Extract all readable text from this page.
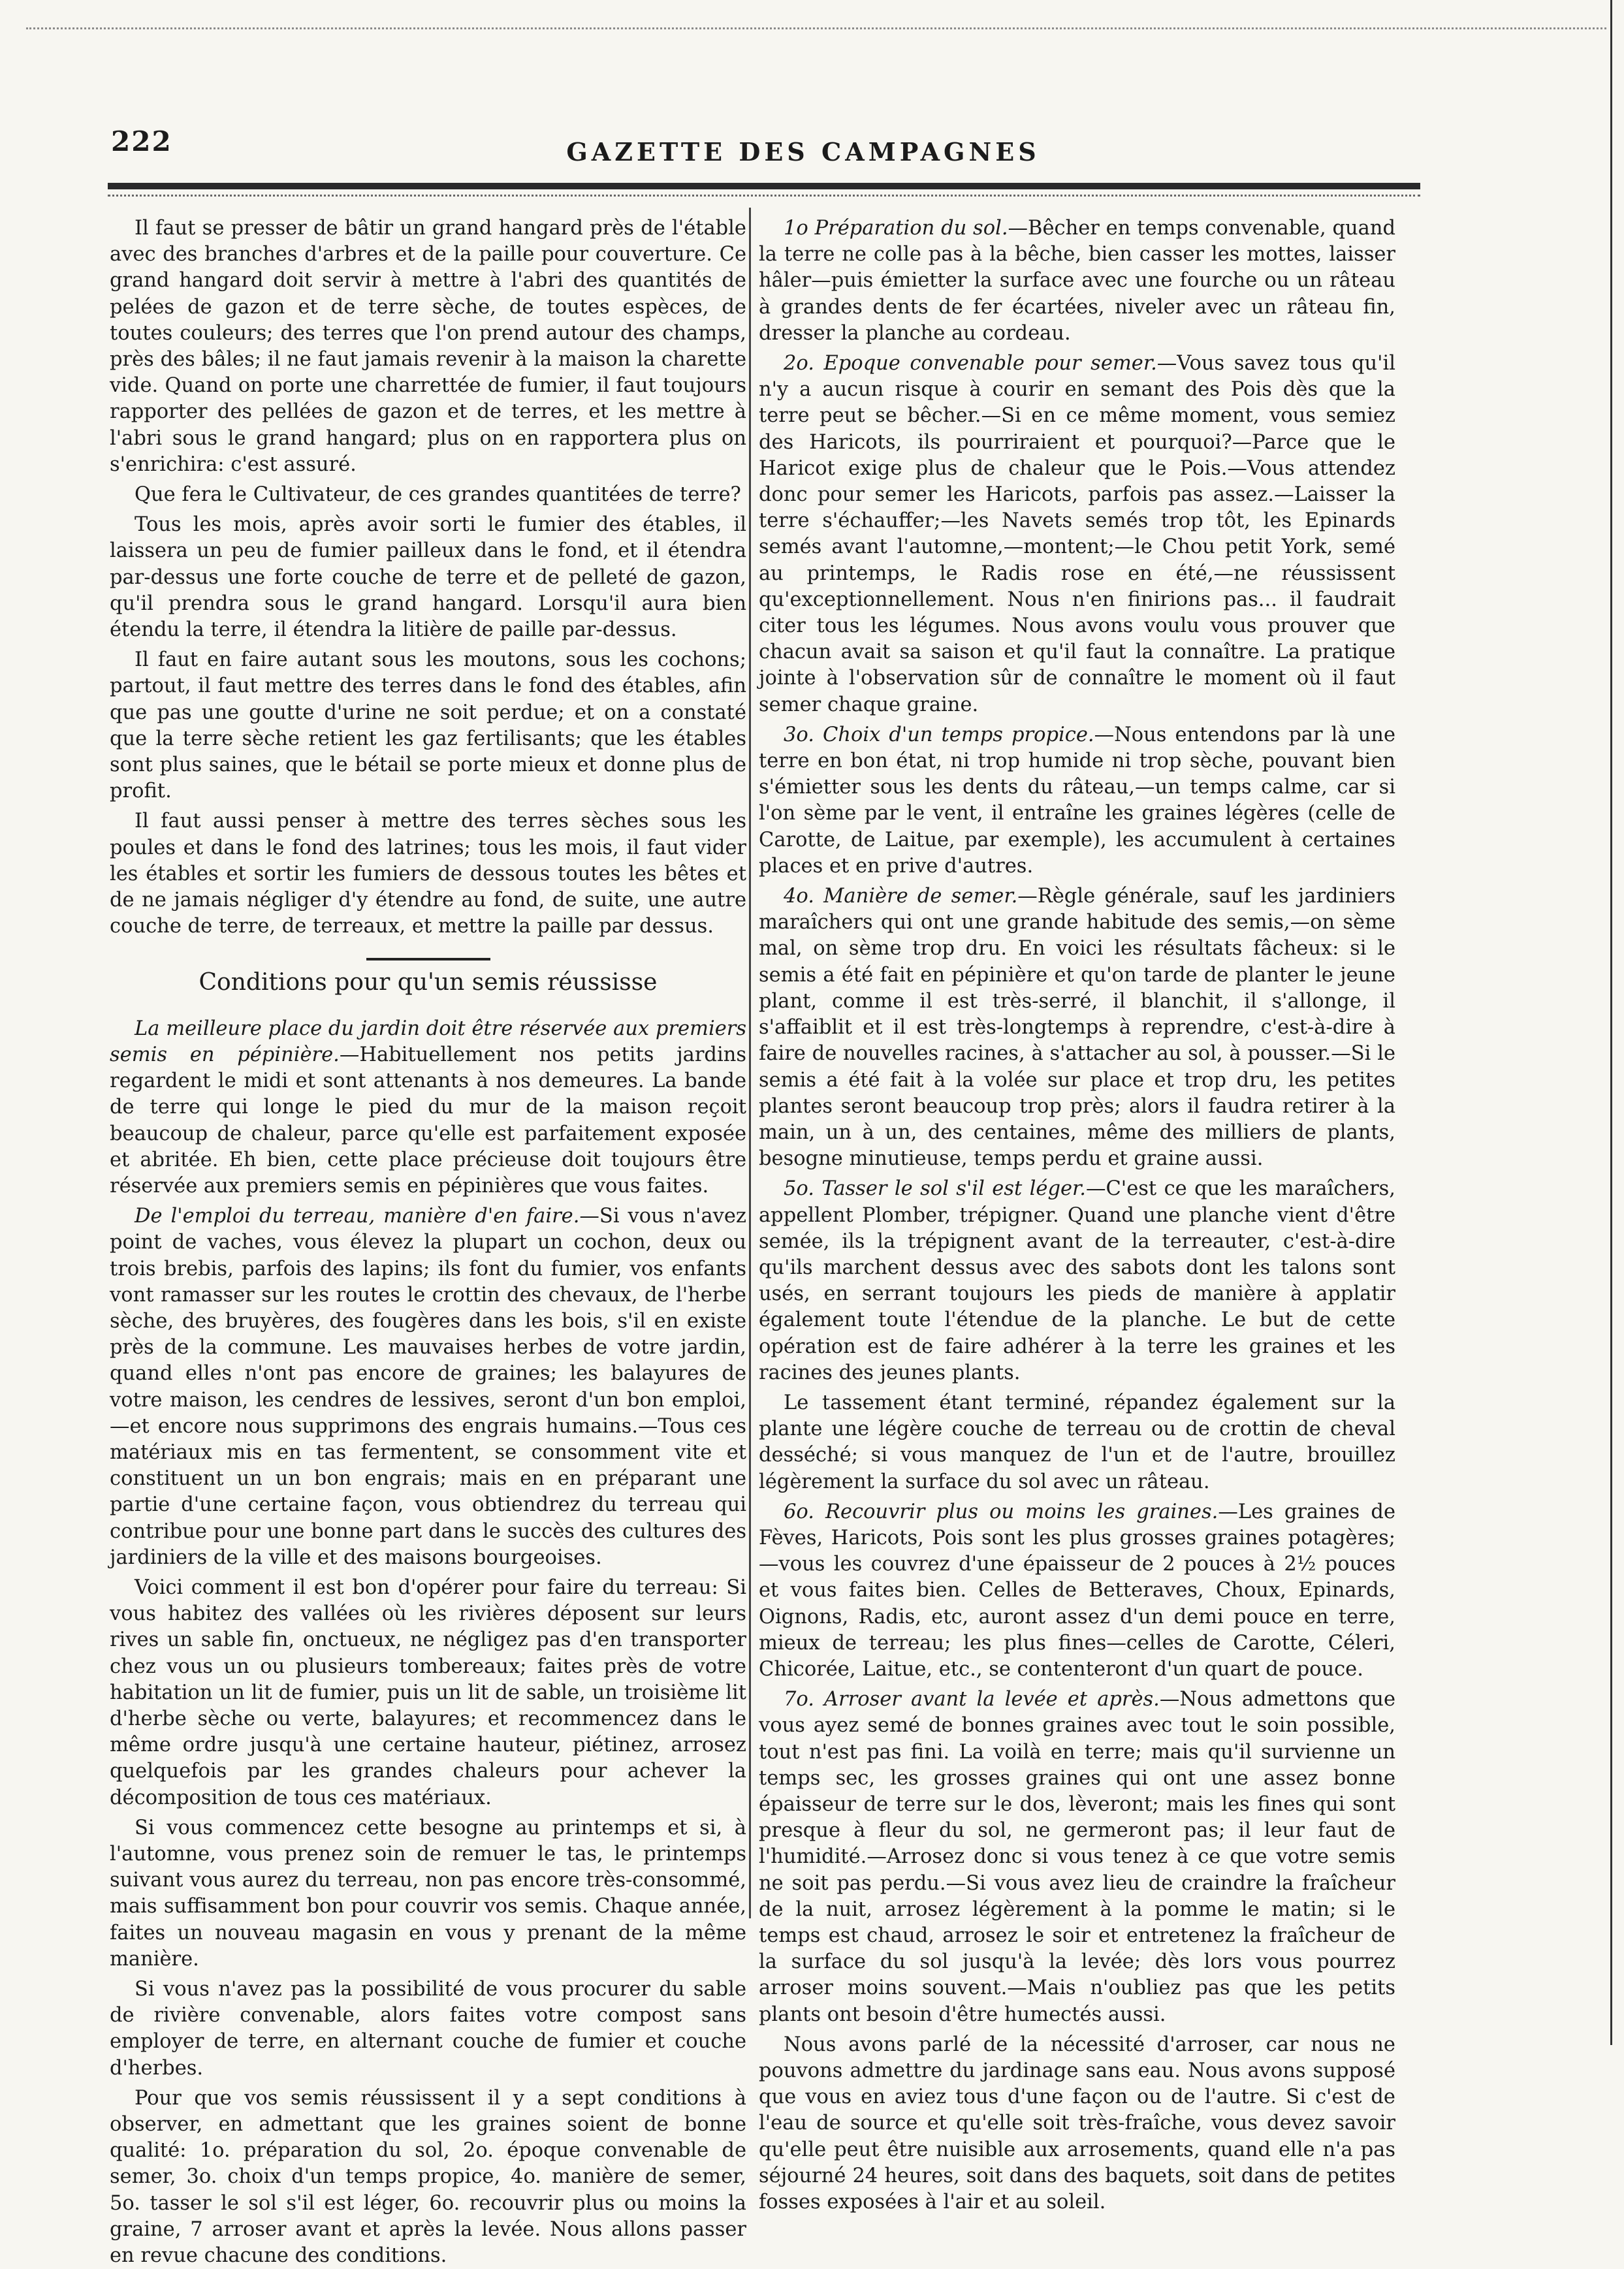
222	GAZETTE DES CAMPAGNES

Il faut se presser de bâtir un grand hangard près de l'étable avec des branches d'arbres et de la paille pour couverture. Ce grand hangard doit servir à mettre à l'abri des quantités de pelées de gazon et de terre sèche, de toutes espèces, de toutes couleurs; des terres que l'on prend autour des champs, près des bâles; il ne faut jamais revenir à la maison la charette vide. Quand on porte une charrettée de fumier, il faut toujours rapporter des pellées de gazon et de terres, et les mettre à l'abri sous le grand hangard; plus on en rapportera plus on s'enrichira: c'est assuré.

Que fera le Cultivateur, de ces grandes quantitées de terre?

Tous les mois, après avoir sorti le fumier des étables, il laissera un peu de fumier pailleux dans le fond, et il étendra par-dessus une forte couche de terre et de pelleté de gazon, qu'il prendra sous le grand hangard. Lorsqu'il aura bien étendu la terre, il étendra la litière de paille par-dessus.

Il faut en faire autant sous les moutons, sous les cochons; partout, il faut mettre des terres dans le fond des étables, afin que pas une goutte d'urine ne soit perdue; et on a constaté que la terre sèche retient les gaz fertilisants; que les étables sont plus saines, que le bétail se porte mieux et donne plus de profit.

Il faut aussi penser à mettre des terres sèches sous les poules et dans le fond des latrines; tous les mois, il faut vider les étables et sortir les fumiers de dessous toutes les bêtes et de ne jamais négliger d'y étendre au fond, de suite, une autre couche de terre, de terreaux, et mettre la paille par dessus.

Conditions pour qu'un semis réussisse

La meilleure place du jardin doit être réservée aux premiers semis en pépinière.—Habituellement nos petits jardins regardent le midi et sont attenants à nos demeures. La bande de terre qui longe le pied du mur de la maison reçoit beaucoup de chaleur, parce qu'elle est parfaitement exposée et abritée. Eh bien, cette place précieuse doit toujours être réservée aux premiers semis en pépinières que vous faites.

De l'emploi du terreau, manière d'en faire.—Si vous n'avez point de vaches, vous élevez la plupart un cochon, deux ou trois brebis, parfois des lapins; ils font du fumier, vos enfants vont ramasser sur les routes le crottin des chevaux, de l'herbe sèche, des bruyères, des fougères dans les bois, s'il en existe près de la commune. Les mauvaises herbes de votre jardin, quand elles n'ont pas encore de graines; les balayures de votre maison, les cendres de lessives, seront d'un bon emploi,—et encore nous supprimons des engrais humains.—Tous ces matériaux mis en tas fermentent, se consomment vite et constituent un un bon engrais; mais en en préparant une partie d'une certaine façon, vous obtiendrez du terreau qui contribue pour une bonne part dans le succès des cultures des jardiniers de la ville et des maisons bourgeoises.

Voici comment il est bon d'opérer pour faire du terreau: Si vous habitez des vallées où les rivières déposent sur leurs rives un sable fin, onctueux, ne négligez pas d'en transporter chez vous un ou plusieurs tombereaux; faites près de votre habitation un lit de fumier, puis un lit de sable, un troisième lit d'herbe sèche ou verte, balayures; et recommencez dans le même ordre jusqu'à une certaine hauteur, piétinez, arrosez quelquefois par les grandes chaleurs pour achever la décomposition de tous ces matériaux.

Si vous commencez cette besogne au printemps et si, à l'automne, vous prenez soin de remuer le tas, le printemps suivant vous aurez du terreau, non pas encore très-consommé, mais suffisamment bon pour couvrir vos semis. Chaque année, faites un nouveau magasin en vous y prenant de la même manière.

Si vous n'avez pas la possibilité de vous procurer du sable de rivière convenable, alors faites votre compost sans employer de terre, en alternant couche de fumier et couche d'herbes.

Pour que vos semis réussissent il y a sept conditions à observer, en admettant que les graines soient de bonne qualité: 1o. préparation du sol, 2o. époque convenable de semer, 3o. choix d'un temps propice, 4o. manière de semer, 5o. tasser le sol s'il est léger, 6o. recouvrir plus ou moins la graine, 7 arroser avant et après la levée. Nous allons passer en revue chacune des conditions.

1o Préparation du sol.—Bêcher en temps convenable, quand la terre ne colle pas à la bêche, bien casser les mottes, laisser hâler—puis émietter la surface avec une fourche ou un râteau à grandes dents de fer écartées, niveler avec un râteau fin, dresser la planche au cordeau.

2o. Epoque convenable pour semer.—Vous savez tous qu'il n'y a aucun risque à courir en semant des Pois dès que la terre peut se bêcher.—Si en ce même moment, vous semiez des Haricots, ils pourriraient et pourquoi?—Parce que le Haricot exige plus de chaleur que le Pois.—Vous attendez donc pour semer les Haricots, parfois pas assez.—Laisser la terre s'échauffer;—les Navets semés trop tôt, les Epinards semés avant l'automne,—montent;—le Chou petit York, semé au printemps, le Radis rose en été,—ne réussissent qu'exceptionnellement. Nous n'en finirions pas... il faudrait citer tous les légumes. Nous avons voulu vous prouver que chacun avait sa saison et qu'il faut la connaître. La pratique jointe à l'observation sûr de connaître le moment où il faut semer chaque graine.

3o. Choix d'un temps propice.—Nous entendons par là une terre en bon état, ni trop humide ni trop sèche, pouvant bien s'émietter sous les dents du râteau,—un temps calme, car si l'on sème par le vent, il entraîne les graines légères (celle de Carotte, de Laitue, par exemple), les accumulent à certaines places et en prive d'autres.

4o. Manière de semer.—Règle générale, sauf les jardiniers maraîchers qui ont une grande habitude des semis,—on sème mal, on sème trop dru. En voici les résultats fâcheux: si le semis a été fait en pépinière et qu'on tarde de planter le jeune plant, comme il est très-serré, il blanchit, il s'allonge, il s'affaiblit et il est très-longtemps à reprendre, c'est-à-dire à faire de nouvelles racines, à s'attacher au sol, à pousser.—Si le semis a été fait à la volée sur place et trop dru, les petites plantes seront beaucoup trop près; alors il faudra retirer à la main, un à un, des centaines, même des milliers de plants, besogne minutieuse, temps perdu et graine aussi.

5o. Tasser le sol s'il est léger.—C'est ce que les maraîchers, appellent Plomber, trépigner. Quand une planche vient d'être semée, ils la trépignent avant de la terreauter, c'est-à-dire qu'ils marchent dessus avec des sabots dont les talons sont usés, en serrant toujours les pieds de manière à applatir également toute l'étendue de la planche. Le but de cette opération est de faire adhérer à la terre les graines et les racines des jeunes plants.

Le tassement étant terminé, répandez également sur la plante une légère couche de terreau ou de crottin de cheval desséché; si vous manquez de l'un et de l'autre, brouillez légèrement la surface du sol avec un râteau.

6o. Recouvrir plus ou moins les graines.—Les graines de Fèves, Haricots, Pois sont les plus grosses graines potagères; —vous les couvrez d'une épaisseur de 2 pouces à 2½ pouces et vous faites bien. Celles de Betteraves, Choux, Epinards, Oignons, Radis, etc, auront assez d'un demi pouce en terre, mieux de terreau; les plus fines—celles de Carotte, Céleri, Chicorée, Laitue, etc., se contenteront d'un quart de pouce.

7o. Arroser avant la levée et après.—Nous admettons que vous ayez semé de bonnes graines avec tout le soin possible, tout n'est pas fini. La voilà en terre; mais qu'il survienne un temps sec, les grosses graines qui ont une assez bonne épaisseur de terre sur le dos, lèveront; mais les fines qui sont presque à fleur du sol, ne germeront pas; il leur faut de l'humidité.—Arrosez donc si vous tenez à ce que votre semis ne soit pas perdu.—Si vous avez lieu de craindre la fraîcheur de la nuit, arrosez légèrement à la pomme le matin; si le temps est chaud, arrosez le soir et entretenez la fraîcheur de la surface du sol jusqu'à la levée; dès lors vous pourrez arroser moins souvent.—Mais n'oubliez pas que les petits plants ont besoin d'être humectés aussi.

Nous avons parlé de la nécessité d'arroser, car nous ne pouvons admettre du jardinage sans eau. Nous avons supposé que vous en aviez tous d'une façon ou de l'autre. Si c'est de l'eau de source et qu'elle soit très-fraîche, vous devez savoir qu'elle peut être nuisible aux arrosements, quand elle n'a pas séjourné 24 heures, soit dans des baquets, soit dans de petites fosses exposées à l'air et au soleil.
